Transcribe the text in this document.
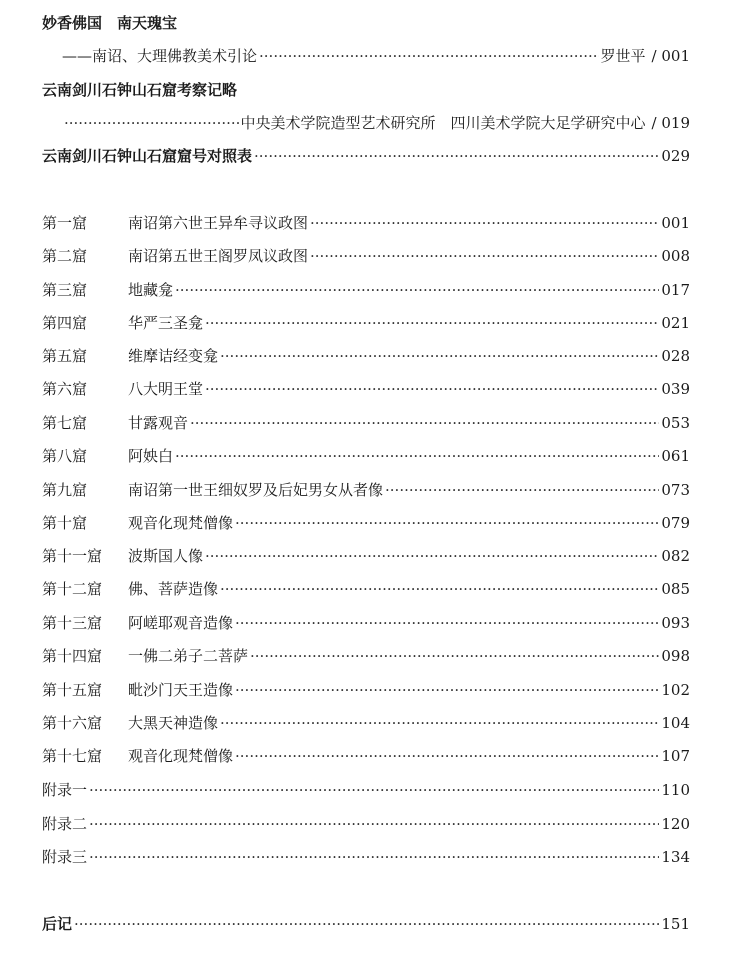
妙香佛国　南天瑰宝
——南诏、大理佛教美术引论 ·····	罗世平 / 001
云南剑川石钟山石窟考察记略
·····
中央美术学院造型艺术研究所　四川美术学院大足学研究中心 / 019
云南剑川石钟山石窟窟号对照表 ·····	029
第一窟	南诏第六世王异牟寻议政图 ·····	001
第二窟	南诏第五世王阁罗凤议政图 ·····	008
第三窟	地藏龛 ·····	017
第四窟	华严三圣龛 ·····	021
第五窟	维摩诘经变龛 ·····	028
第六窟	八大明王堂 ·····	039
第七窟	甘露观音 ·····	053
第八窟	阿姎白 ·····	061
第九窟	南诏第一世王细奴罗及后妃男女从者像 ·····	073
第十窟	观音化现梵僧像 ·····	079
第十一窟	波斯国人像 ·····	082
第十二窟	佛、菩萨造像 ·····	085
第十三窟	阿嵯耶观音造像 ·····	093
第十四窟	一佛二弟子二菩萨 ·····	098
第十五窟	毗沙门天王造像 ·····	102
第十六窟	大黑天神造像 ·····	104
第十七窟	观音化现梵僧像 ·····	107
附录一 ·····	110
附录二 ·····	120
附录三 ·····	134
后记 ·····	151
